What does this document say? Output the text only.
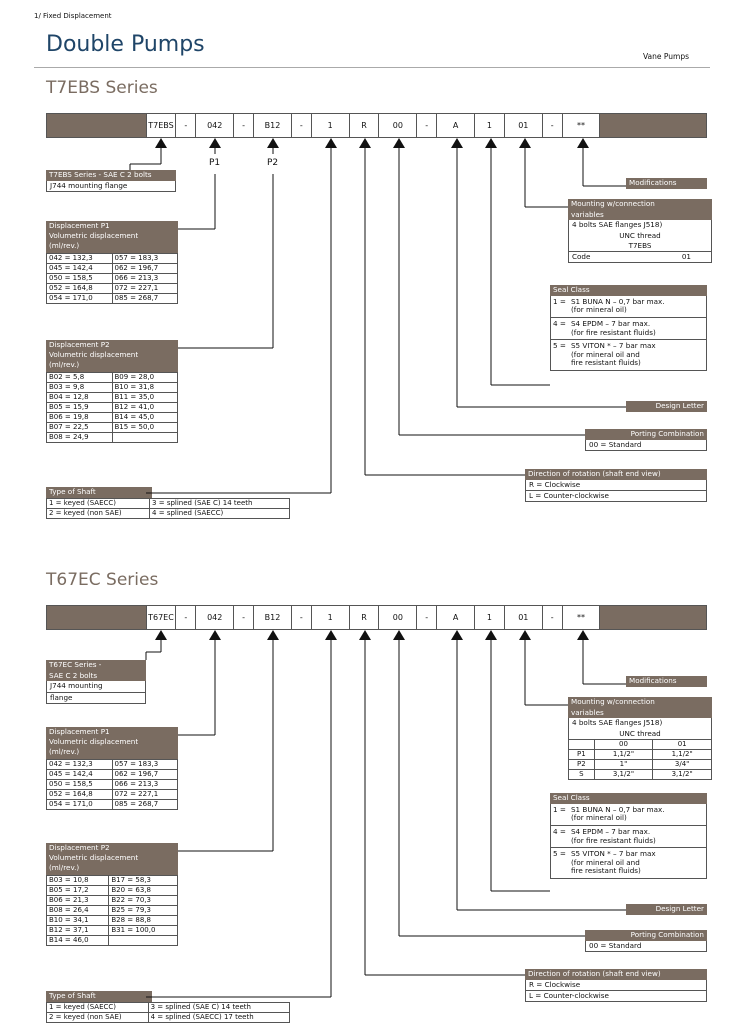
1/ Fixed Displacement
Double Pumps	Vane Pumps
T7EBS Series
T7EBS	-	042	-	B12	-	1	R	00	-	A	1	01	-	**
T7EBS Series - SAE C 2 bolts
J744 mounting flange
P1	P2
Displacement P1
Volumetric displacement
(ml/rev.)
042 = 132,3	057 = 183,3
045 = 142,4	062 = 196,7
050 = 158,5	066 = 213,3
052 = 164,8	072 = 227,1
054 = 171,0	085 = 268,7
Displacement P2
Volumetric displacement
(ml/rev.)
B02 = 5,8	B09 = 28,0
B03 = 9,8	B10 = 31,8
B04 = 12,8	B11 = 35,0
B05 = 15,9	B12 = 41,0
B06 = 19,8	B14 = 45,0
B07 = 22,5	B15 = 50,0
B08 = 24,9	
Type of Shaft
1 = keyed (SAECC)	3 = splined (SAE C) 14 teeth
2 = keyed (non SAE)	4 = splined (SAECC)
Modifications
Mounting w/connection
variables
4 bolts SAE flanges J518)
UNC thread
T7EBS
Code	01
Seal Class
1 = S1 BUNA N – 0,7 bar max.
(for mineral oil)
4 = S4 EPDM – 7 bar max.
(for fire resistant fluids)
5 = S5 VITON * – 7 bar max
(for mineral oil and
fire resistant fluids)
Design Letter
Porting Combination
00 = Standard
Direction of rotation (shaft end view)
R = Clockwise
L = Counter-clockwise
T67EC Series
T67EC	-	042	-	B12	-	1	R	00	-	A	1	01	-	**
T67EC Series -
SAE C 2 bolts
J744 mounting
flange
Displacement P1
Volumetric displacement
(ml/rev.)
042 = 132,3	057 = 183,3
045 = 142,4	062 = 196,7
050 = 158,5	066 = 213,3
052 = 164,8	072 = 227,1
054 = 171,0	085 = 268,7
Displacement P2
Volumetric displacement
(ml/rev.)
B03 = 10,8	B17 = 58,3
B05 = 17,2	B20 = 63,8
B06 = 21,3	B22 = 70,3
B08 = 26,4	B25 = 79,3
B10 = 34,1	B28 = 88,8
B12 = 37,1	B31 = 100,0
B14 = 46,0	
Type of Shaft
1 = keyed (SAECC)	3 = splined (SAE C) 14 teeth
2 = keyed (non SAE)	4 = splined (SAECC) 17 teeth
Modifications
Mounting w/connection
variables
4 bolts SAE flanges J518)
UNC thread
	00	01
P1	1,1/2"	1,1/2"
P2	1"	3/4"
S	3,1/2"	3,1/2"
Seal Class
1 = S1 BUNA N – 0,7 bar max.
(for mineral oil)
4 = S4 EPDM – 7 bar max.
(for fire resistant fluids)
5 = S5 VITON * – 7 bar max
(for mineral oil and
fire resistant fluids)
Design Letter
Porting Combination
00 = Standard
Direction of rotation (shaft end view)
R = Clockwise
L = Counter-clockwise
